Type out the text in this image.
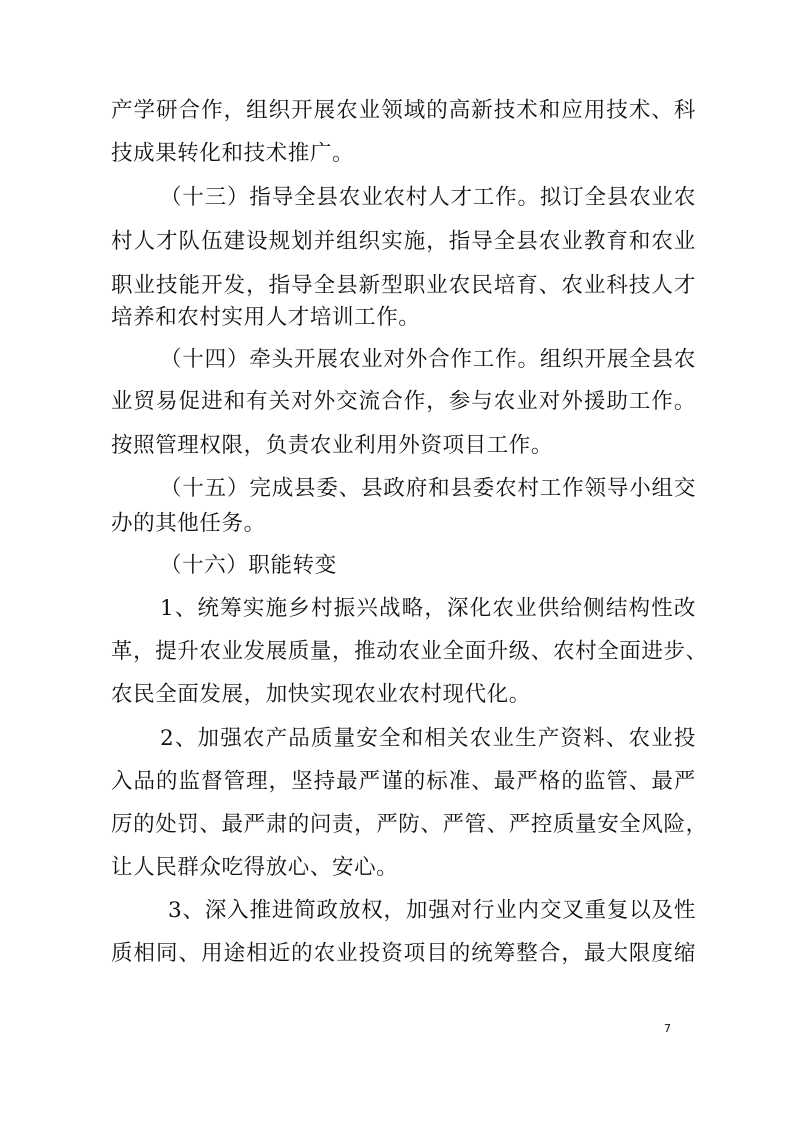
产学研合作，组织开展农业领域的高新技术和应用技术、科
技成果转化和技术推广。
（十三）指导全县农业农村人才工作。拟订全县农业农
村人才队伍建设规划并组织实施，指导全县农业教育和农业
职业技能开发，指导全县新型职业农民培育、农业科技人才
培养和农村实用人才培训工作。
（十四）牵头开展农业对外合作工作。组织开展全县农
业贸易促进和有关对外交流合作，参与农业对外援助工作。
按照管理权限，负责农业利用外资项目工作。
（十五）完成县委、县政府和县委农村工作领导小组交
办的其他任务。
（十六）职能转变
1、统筹实施乡村振兴战略，深化农业供给侧结构性改
革，提升农业发展质量，推动农业全面升级、农村全面进步、
农民全面发展，加快实现农业农村现代化。
2、加强农产品质量安全和相关农业生产资料、农业投
入品的监督管理，坚持最严谨的标准、最严格的监管、最严
厉的处罚、最严肃的问责，严防、严管、严控质量安全风险，
让人民群众吃得放心、安心。
3、深入推进简政放权，加强对行业内交叉重复以及性
质相同、用途相近的农业投资项目的统筹整合，最大限度缩
7
